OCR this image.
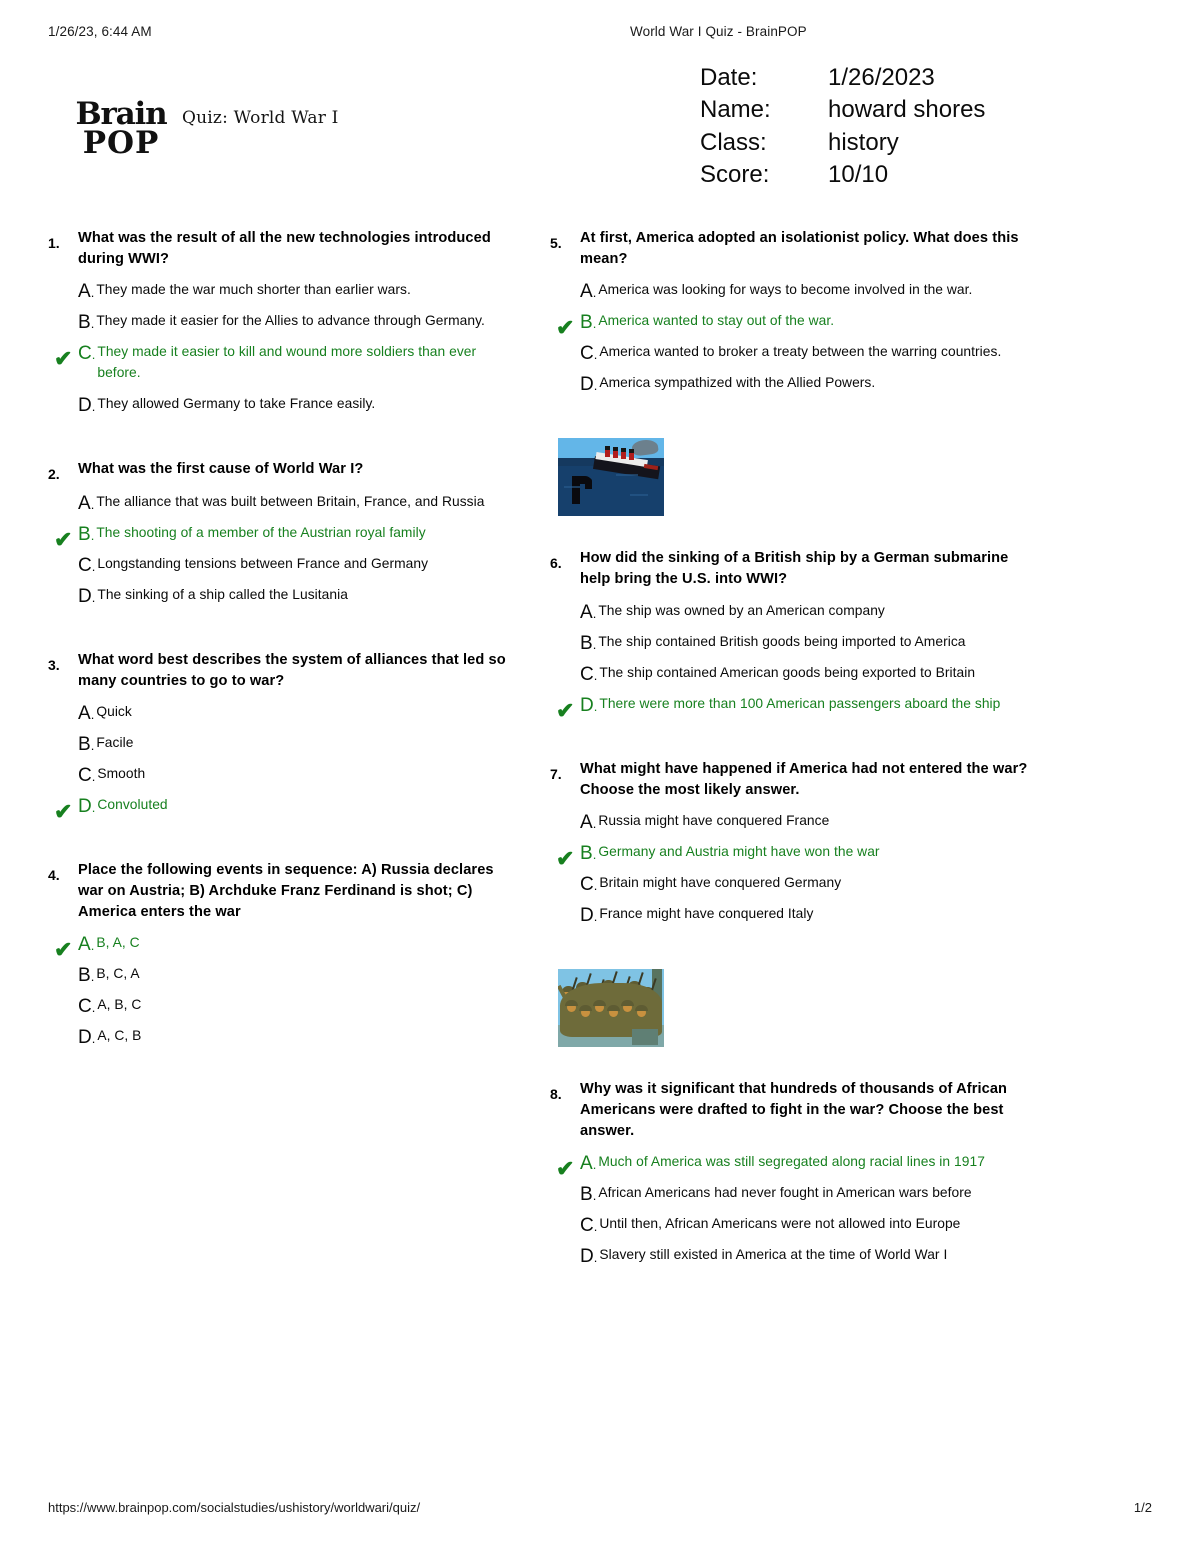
1/26/23, 6:44 AM	World War I Quiz - BrainPOP
Brain
POP
Quiz: World War I
Date:	1/26/2023
Name:	howard shores
Class:	history
Score:	10/10
1.	What was the result of all the new technologies introduced during WWI?
A. They made the war much shorter than earlier wars.
B. They made it easier for the Allies to advance through Germany.
✔ C. They made it easier to kill and wound more soldiers than ever before.
D. They allowed Germany to take France easily.
2.	What was the first cause of World War I?
A. The alliance that was built between Britain, France, and Russia
✔ B. The shooting of a member of the Austrian royal family
C. Longstanding tensions between France and Germany
D. The sinking of a ship called the Lusitania
3.	What word best describes the system of alliances that led so many countries to go to war?
A. Quick
B. Facile
C. Smooth
✔ D. Convoluted
4.	Place the following events in sequence: A) Russia declares war on Austria; B) Archduke Franz Ferdinand is shot; C) America enters the war
✔ A. B, A, C
B. B, C, A
C. A, B, C
D. A, C, B
5.	At first, America adopted an isolationist policy. What does this mean?
A. America was looking for ways to become involved in the war.
✔ B. America wanted to stay out of the war.
C. America wanted to broker a treaty between the warring countries.
D. America sympathized with the Allied Powers.
6.	How did the sinking of a British ship by a German submarine help bring the U.S. into WWI?
A. The ship was owned by an American company
B. The ship contained British goods being imported to America
C. The ship contained American goods being exported to Britain
✔ D. There were more than 100 American passengers aboard the ship
7.	What might have happened if America had not entered the war? Choose the most likely answer.
A. Russia might have conquered France
✔ B. Germany and Austria might have won the war
C. Britain might have conquered Germany
D. France might have conquered Italy
8.	Why was it significant that hundreds of thousands of African Americans were drafted to fight in the war? Choose the best answer.
✔ A. Much of America was still segregated along racial lines in 1917
B. African Americans had never fought in American wars before
C. Until then, African Americans were not allowed into Europe
D. Slavery still existed in America at the time of World War I
https://www.brainpop.com/socialstudies/ushistory/worldwari/quiz/	1/2
